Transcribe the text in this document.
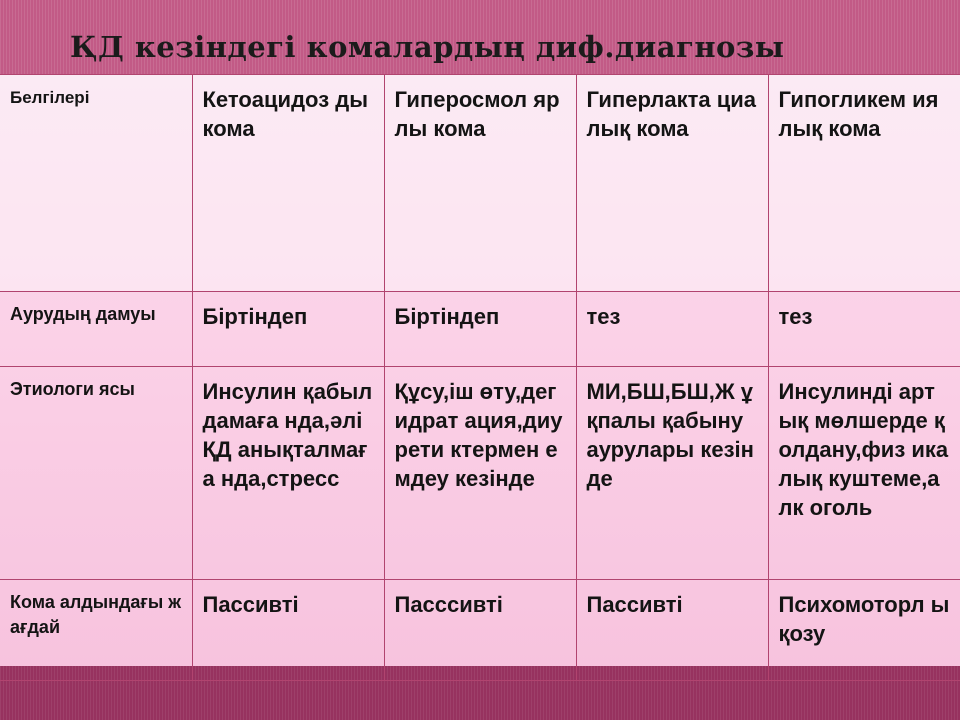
ҚД кезіндегі комалардың диф.диагнозы
Белгілері	Кетоацидоз ды кома	Гиперосмол ярлы кома	Гиперлакта циалық кома	Гипогликем иялық кома
Аурудың дамуы	Біртіндеп	Біртіндеп	тез	тез
Этиологи ясы	Инсулин қабылдамаға нда,әлі ҚД анықталмаға нда,стресс	Құсу,іш өту,дегидрат ация,диурети ктермен емдеу кезінде	МИ,БШ,БШ,Ж ұқпалы қабыну аурулары кезінде	Инсулинді артық мөлшерде қолдану,физ икалық куштеме,алк оголь
Кома алдындағы жағдай	Пассивті	Пасссивті	Пассивті	Психомоторл ы қозу
